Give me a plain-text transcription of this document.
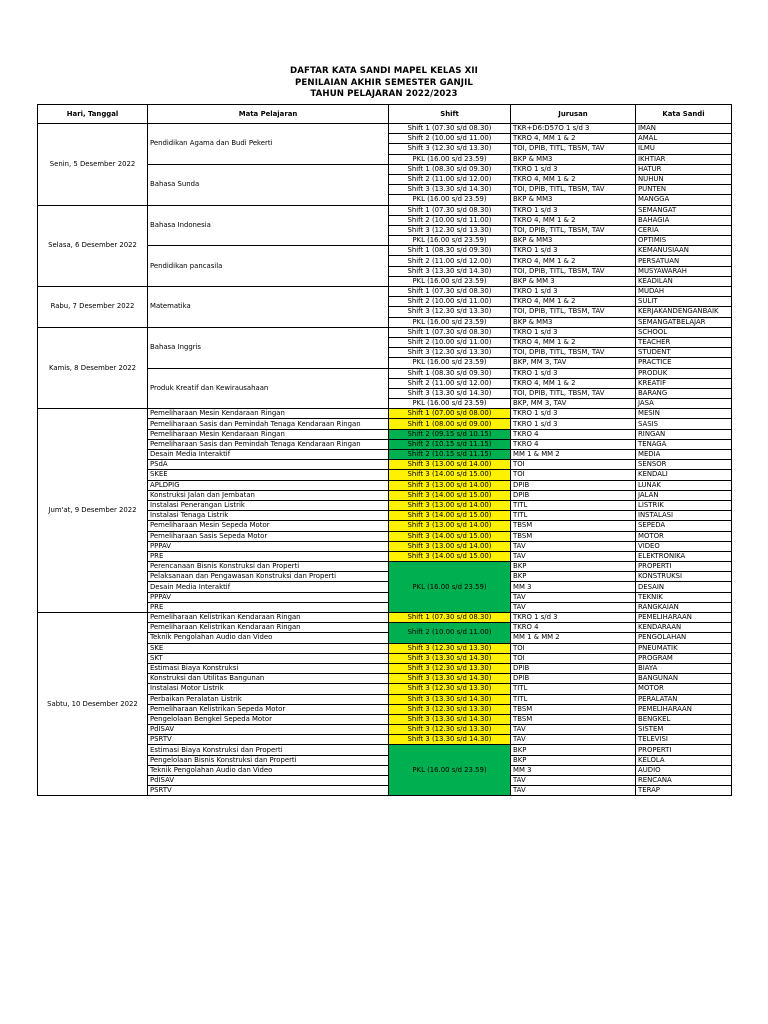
DAFTAR KATA SANDI MAPEL KELAS XII
PENILAIAN AKHIR SEMESTER GANJIL
TAHUN PELAJARAN 2022/2023
Hari, Tanggal	Mata Pelajaran	Shift	Jurusan	Kata Sandi
Senin, 5 Desember 2022	Pendidikan Agama dan Budi Pekerti	Shift 1 (07.30 s/d 08.30)	TKR+D6:D57O 1 s/d 3	IMAN
		Shift 2 (10.00 s/d 11.00)	TKRO 4, MM 1 & 2	AMAL
		Shift 3 (12.30 s/d 13.30)	TOI, DPIB, TITL, TBSM, TAV	ILMU
		PKL (16.00 s/d 23.59)	BKP & MM3	IKHTIAR
	Bahasa Sunda	Shift 1 (08.30 s/d 09.30)	TKRO 1 s/d 3	HATUR
		Shift 2 (11.00 s/d 12.00)	TKRO 4, MM 1 & 2	NUHUN
		Shift 3 (13.30 s/d 14.30)	TOI, DPIB, TITL, TBSM, TAV	PUNTEN
		PKL (16.00 s/d 23.59)	BKP & MM3	MANGGA
Selasa, 6 Desember 2022	Bahasa Indonesia	Shift 1 (07.30 s/d 08.30)	TKRO 1 s/d 3	SEMANGAT
		Shift 2 (10.00 s/d 11.00)	TKRO 4, MM 1 & 2	BAHAGIA
		Shift 3 (12.30 s/d 13.30)	TOI, DPIB, TITL, TBSM, TAV	CERIA
		PKL (16.00 s/d 23.59)	BKP & MM3	OPTIMIS
	Pendidikan pancasila	Shift 1 (08.30 s/d 09.30)	TKRO 1 s/d 3	KEMANUSIAAN
		Shift 2 (11.00 s/d 12.00)	TKRO 4, MM 1 & 2	PERSATUAN
		Shift 3 (13.30 s/d 14.30)	TOI, DPIB, TITL, TBSM, TAV	MUSYAWARAH
		PKL (16.00 s/d 23.59)	BKP & MM 3	KEADILAN
Rabu, 7 Desember 2022	Matematika	Shift 1 (07.30 s/d 08.30)	TKRO 1 s/d 3	MUDAH
		Shift 2 (10.00 s/d 11.00)	TKRO 4, MM 1 & 2	SULIT
		Shift 3 (12.30 s/d 13.30)	TOI, DPIB, TITL, TBSM, TAV	KERJAKANDENGANBAIK
		PKL (16.00 s/d 23.59)	BKP & MM3	SEMANGATBELAJAR
Kamis, 8 Desember 2022	Bahasa Inggris	Shift 1 (07.30 s/d 08.30)	TKRO 1 s/d 3	SCHOOL
		Shift 2 (10.00 s/d 11.00)	TKRO 4, MM 1 & 2	TEACHER
		Shift 3 (12.30 s/d 13.30)	TOI, DPIB, TITL, TBSM, TAV	STUDENT
		PKL (16.00 s/d 23.59)	BKP, MM 3, TAV	PRACTICE
	Produk Kreatif dan Kewirausahaan	Shift 1 (08.30 s/d 09.30)	TKRO 1 s/d 3	PRODUK
		Shift 2 (11.00 s/d 12.00)	TKRO 4, MM 1 & 2	KREATIF
		Shift 3 (13.30 s/d 14.30)	TOI, DPIB, TITL, TBSM, TAV	BARANG
		PKL (16.00 s/d 23.59)	BKP, MM 3, TAV	JASA
Jum'at, 9 Desember 2022	Pemeliharaan Mesin Kendaraan Ringan	Shift 1 (07.00 s/d 08.00)	TKRO 1 s/d 3	MESIN
	Pemeliharaan Sasis dan Pemindah Tenaga Kendaraan Ringan	Shift 1 (08.00 s/d 09.00)	TKRO 1 s/d 3	SASIS
	Pemeliharaan Mesin Kendaraan Ringan	Shift 2 (09.15 s/d 10.15)	TKRO 4	RINGAN
	Pemeliharaan Sasis dan Pemindah Tenaga Kendaraan Ringan	Shift 2 (10.15 s/d 11.15)	TKRO 4	TENAGA
	Desain Media Interaktif	Shift 2 (10.15 s/d 11.15)	MM 1 & MM 2	MEDIA
	PSdA	Shift 3 (13.00 s/d 14.00)	TOI	SENSOR
	SKEE	Shift 3 (14.00 s/d 15.00)	TOI	KENDALI
	APLDPIG	Shift 3 (13.00 s/d 14.00)	DPIB	LUNAK
	Konstruksi Jalan dan Jembatan	Shift 3 (14.00 s/d 15.00)	DPIB	JALAN
	Instalasi Penerangan Listrik	Shift 3 (13.00 s/d 14.00)	TITL	LISTRIK
	Instalasi Tenaga Listrik	Shift 3 (14.00 s/d 15.00)	TITL	INSTALASI
	Pemeliharaan Mesin Sepeda Motor	Shift 3 (13.00 s/d 14.00)	TBSM	SEPEDA
	Pemeliharaan Sasis Sepeda Motor	Shift 3 (14.00 s/d 15.00)	TBSM	MOTOR
	PPPAV	Shift 3 (13.00 s/d 14.00)	TAV	VIDEO
	PRE	Shift 3 (14.00 s/d 15.00)	TAV	ELEKTRONIKA
	Perencanaan Bisnis Konstruksi dan Properti	PKL (16.00 s/d 23.59)	BKP	PROPERTI
	Pelaksanaan dan Pengawasan Konstruksi dan Properti		BKP	KONSTRUKSI
	Desain Media Interaktif		MM 3	DESAIN
	PPPAV		TAV	TEKNIK
	PRE		TAV	RANGKAIAN
Sabtu, 10 Desember 2022	Pemeliharaan Kelistrikan Kendaraan Ringan	Shift 1 (07.30 s/d 08.30)	TKRO 1 s/d 3	PEMELIHARAAN
	Pemeliharaan Kelistrikan Kendaraan Ringan	Shift 2 (10.00 s/d 11.00)	TKRO 4	KENDARAAN
	Teknik Pengolahan Audio dan Video		MM 1 & MM 2	PENGOLAHAN
	SKE	Shift 3 (12.30 s/d 13.30)	TOI	PNEUMATIK
	SKT	Shift 3 (13.30 s/d 14.30)	TOI	PROGRAM
	Estimasi Biaya Konstruksi	Shift 3 (12.30 s/d 13.30)	DPIB	BIAYA
	Konstruksi dan Utilitas Bangunan	Shift 3 (13.30 s/d 14.30)	DPIB	BANGUNAN
	Instalasi Motor Listrik	Shift 3 (12.30 s/d 13.30)	TITL	MOTOR
	Perbaikan Peralatan Listrik	Shift 3 (13.30 s/d 14.30)	TITL	PERALATAN
	Pemeliharaan Kelistrikan Sepeda Motor	Shift 3 (12.30 s/d 13.30)	TBSM	PEMELIHARAAN
	Pengelolaan Bengkel Sepeda Motor	Shift 3 (13.30 s/d 14.30)	TBSM	BENGKEL
	PdISAV	Shift 3 (12.30 s/d 13.30)	TAV	SISTEM
	PSRTV	Shift 3 (13.30 s/d 14.30)	TAV	TELEVISI
	Estimasi Biaya Konstruksi dan Properti	PKL (16.00 s/d 23.59)	BKP	PROPERTI
	Pengelolaan Bisnis Konstruksi dan Properti		BKP	KELOLA
	Teknik Pengolahan Audio dan Video		MM 3	AUDIO
	PdISAV		TAV	RENCANA
	PSRTV		TAV	TERAP
